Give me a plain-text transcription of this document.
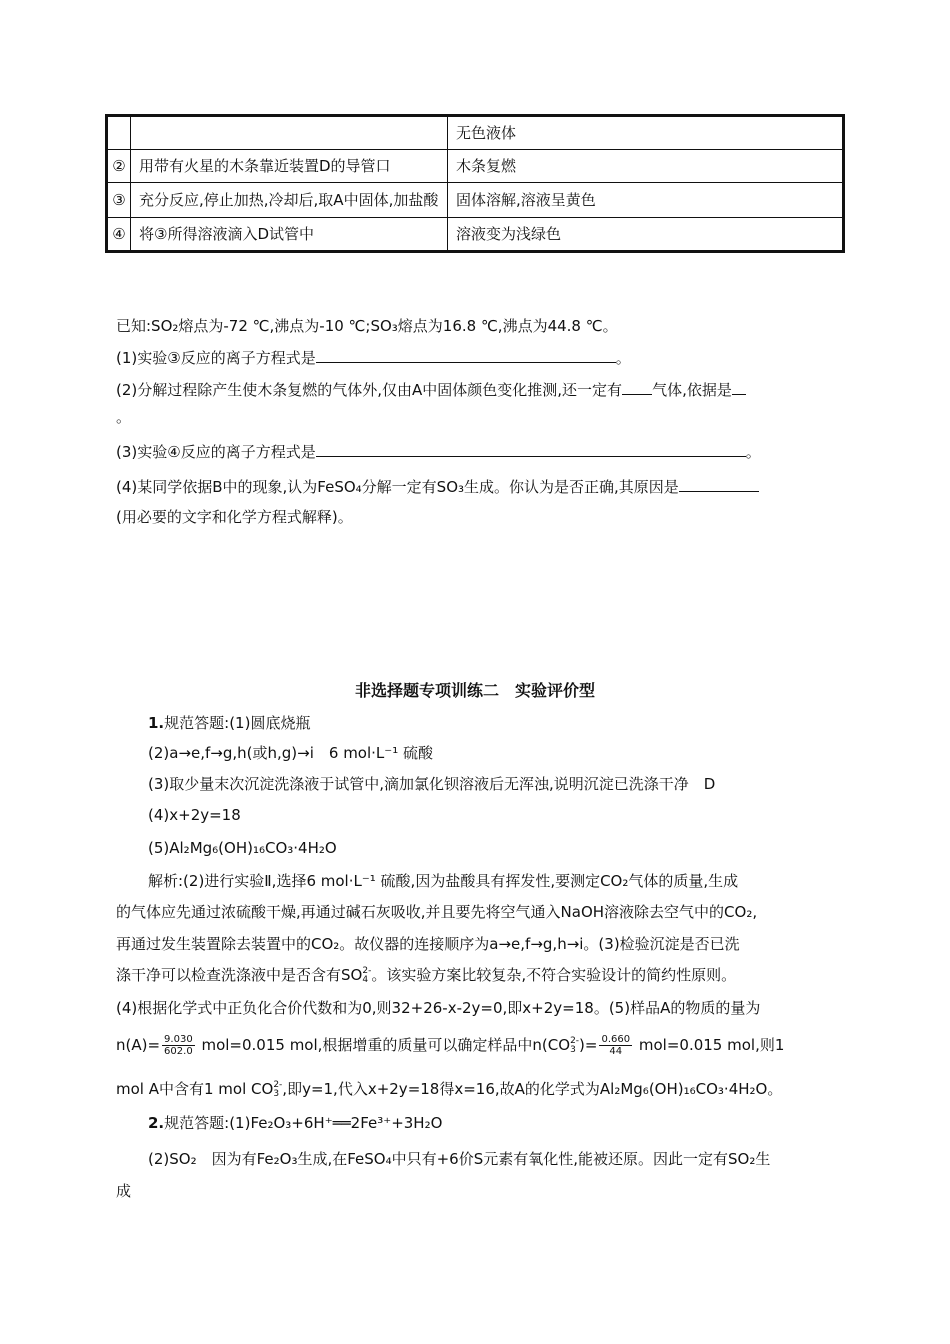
		无色液体
②	用带有火星的木条靠近装置D的导管口	木条复燃
③	充分反应,停止加热,冷却后,取A中固体,加盐酸	固体溶解,溶液呈黄色
④	将③所得溶液滴入D试管中	溶液变为浅绿色
已知:SO₂熔点为-72 ℃,沸点为-10 ℃;SO₃熔点为16.8 ℃,沸点为44.8 ℃。
(1)实验③反应的离子方程式是	。
(2)分解过程除产生使木条复燃的气体外,仅由A中固体颜色变化推测,还一定有 气体,依据是
。
(3)实验④反应的离子方程式是	。
(4)某同学依据B中的现象,认为FeSO₄分解一定有SO₃生成。你认为是否正确,其原因是
(用必要的文字和化学方程式解释)。
非选择题专项训练二　实验评价型
1.规范答题:(1)圆底烧瓶
(2)a→e,f→g,h(或h,g)→i　6 mol·L⁻¹ 硫酸
(3)取少量末次沉淀洗涤液于试管中,滴加氯化钡溶液后无浑浊,说明沉淀已洗涤干净　D
(4)x+2y=18
(5)Al₂Mg₆(OH)₁₆CO₃·4H₂O
解析:(2)进行实验Ⅱ,选择6 mol·L⁻¹ 硫酸,因为盐酸具有挥发性,要测定CO₂气体的质量,生成
的气体应先通过浓硫酸干燥,再通过碱石灰吸收,并且要先将空气通入NaOH溶液除去空气中的CO₂,
再通过发生装置除去装置中的CO₂。故仪器的连接顺序为a→e,f→g,h→i。(3)检验沉淀是否已洗
涤干净可以检查洗涤液中是否含有SO 2-
4 。该实验方案比较复杂,不符合实验设计的简约性原则。
(4)根据化学式中正负化合价代数和为0,则32+26-x-2y=0,即x+2y=18。(5)样品A的物质的量为
$n(A)= \frac{9.030}{602.0} mol=0.015$ mol,根据增重的质量可以确定样品中n(CO 2-
3 )= $\frac{0.660}{44} mol=0.015$ mol,则1
mol A中含有1 mol CO 2-
3 ,即y=1,代入x+2y=18得x=16,故A的化学式为Al₂Mg₆(OH)₁₆CO₃·4H₂O。
2.规范答题:(1)Fe₂O₃+6H⁺══2Fe³⁺+3H₂O
(2)SO₂　因为有Fe₂O₃生成,在FeSO₄中只有+6价S元素有氧化性,能被还原。因此一定有SO₂生
成
